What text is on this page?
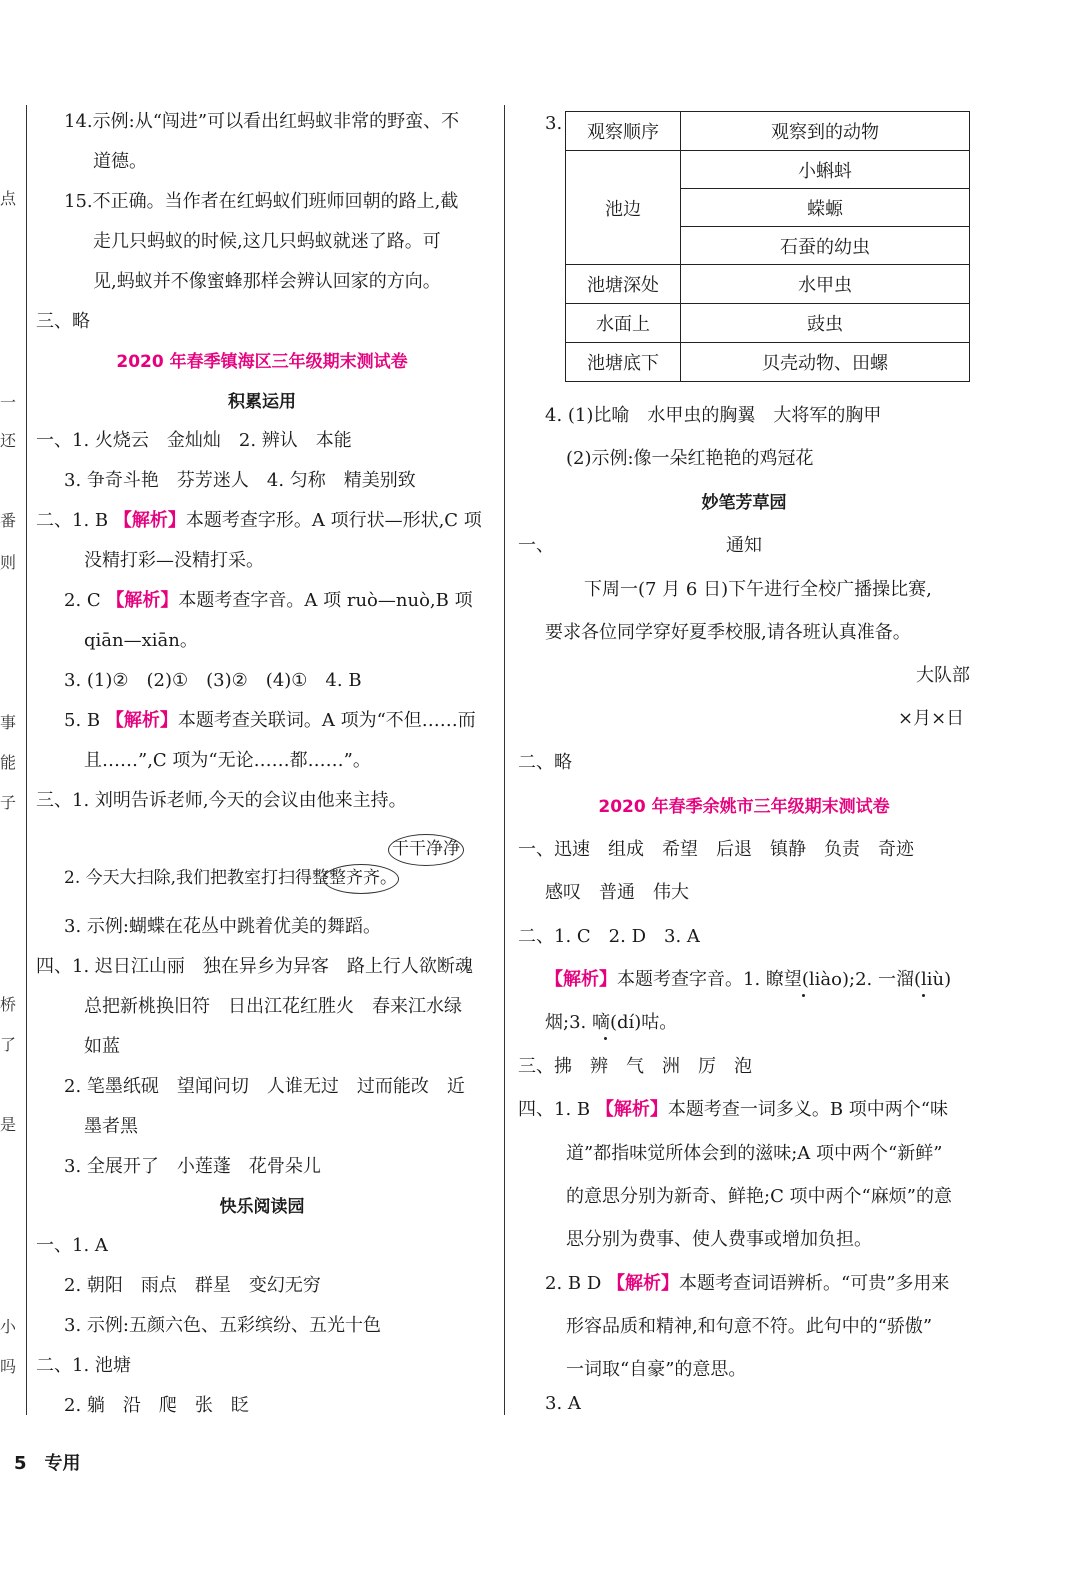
点
一
还
番
则
事
能
子
桥
了
是
小
吗
14.示例:从“闯进”可以看出红蚂蚁非常的野蛮、不
道德。
15.不正确。当作者在红蚂蚁们班师回朝的路上,截
走几只蚂蚁的时候,这几只蚂蚁就迷了路。可
见,蚂蚁并不像蜜蜂那样会辨认回家的方向。
三、略
2020 年春季镇海区三年级期末测试卷
积累运用
一、1. 火烧云　金灿灿　2. 辨认　本能
3. 争奇斗艳　芬芳迷人　4. 匀称　精美别致
二、1. B 【解析】本题考查字形。A 项行状—形状,C 项
没精打彩—没精打采。
2. C 【解析】本题考查字音。A 项 ruò—nuò,B 项
qiān—xiān。
3. (1)②　(2)①　(3)②　(4)①　4. B
5. B 【解析】本题考查关联词。A 项为“不但……而
且……”,C 项为“无论……都……”。
三、1. 刘明告诉老师,今天的会议由他来主持。
干干净净
2. 今天大扫除,我们把教室打扫得整整齐齐。
3. 示例:蝴蝶在花丛中跳着优美的舞蹈。
四、1. 迟日江山丽　独在异乡为异客　路上行人欲断魂
总把新桃换旧符　日出江花红胜火　春来江水绿
如蓝
2. 笔墨纸砚　望闻问切　人谁无过　过而能改　近
墨者黑
3. 全展开了　小莲蓬　花骨朵儿
快乐阅读园
一、1. A
2. 朝阳　雨点　群星　变幻无穷
3. 示例:五颜六色、五彩缤纷、五光十色
二、1. 池塘
2. 躺　沿　爬　张　眨
3. 观察顺序	观察到的动物
池边	小蝌蚪
	蝾螈
	石蚕的幼虫
池塘深处	水甲虫
水面上	豉虫
池塘底下	贝壳动物、田螺
4. (1)比喻　水甲虫的胸翼　大将军的胸甲
(2)示例:像一朵红艳艳的鸡冠花
妙笔芳草园
一、	通知
下周一(7 月 6 日)下午进行全校广播操比赛,
要求各位同学穿好夏季校服,请各班认真准备。
大队部
×月×日
二、略
2020 年春季余姚市三年级期末测试卷
一、迅速　组成　希望　后退　镇静　负责　奇迹
感叹　普通　伟大
二、1. C　2. D　3. A
【解析】本题考查字音。1. 瞭望(liào);2. 一溜(liù)
烟;3. 嘀(dí)咕。
三、拂　辨　气　洲　厉　泡
四、1. B 【解析】本题考查一词多义。B 项中两个“味
道”都指味觉所体会到的滋味;A 项中两个“新鲜”
的意思分别为新奇、鲜艳;C 项中两个“麻烦”的意
思分别为费事、使人费事或增加负担。
2. B D 【解析】本题考查词语辨析。“可贵”多用来
形容品质和精神,和句意不符。此句中的“骄傲”
一词取“自豪”的意思。
3. A
5　专用
